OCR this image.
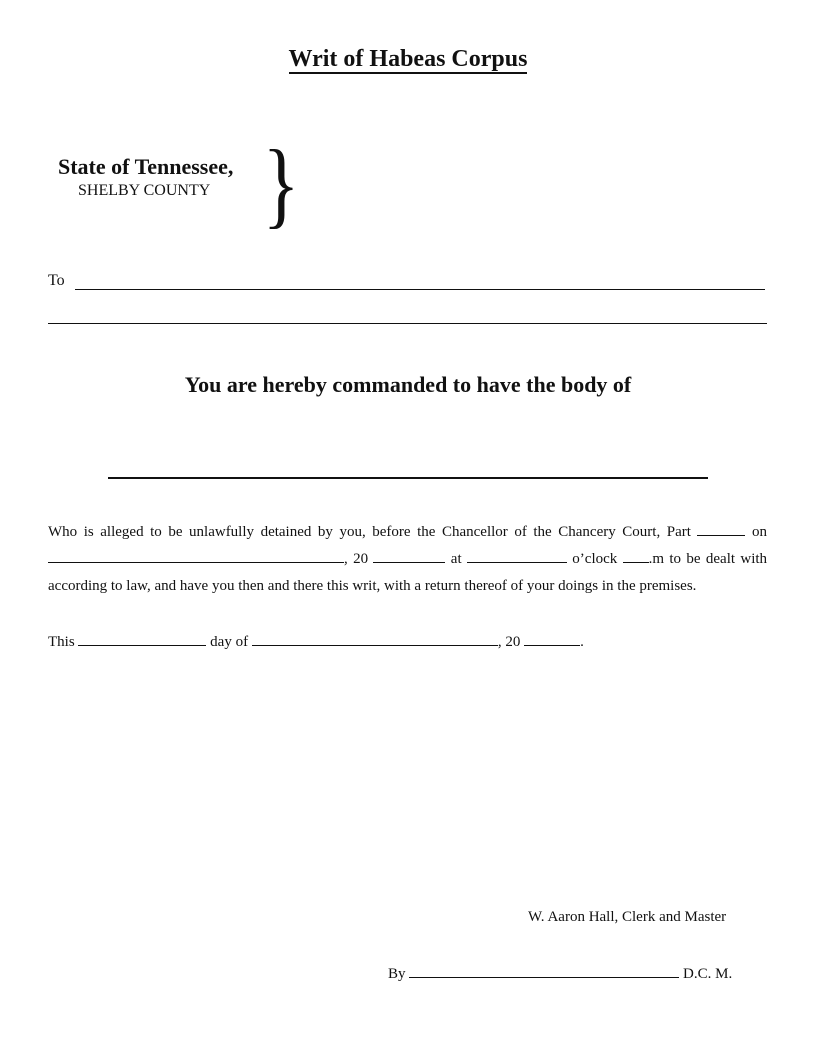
Writ of Habeas Corpus
State of Tennessee,
SHELBY COUNTY }
To
You are hereby commanded to have the body of
Who is alleged to be unlawfully detained by you, before the Chancellor of the Chancery Court, Part	on
, 20	at	o’clock .m to be dealt with
according to law, and have you then and there this writ, with a return thereof of your doings in the premises.
This	day of	, 20	.
W. Aaron Hall, Clerk and Master
By	D.C. M.
